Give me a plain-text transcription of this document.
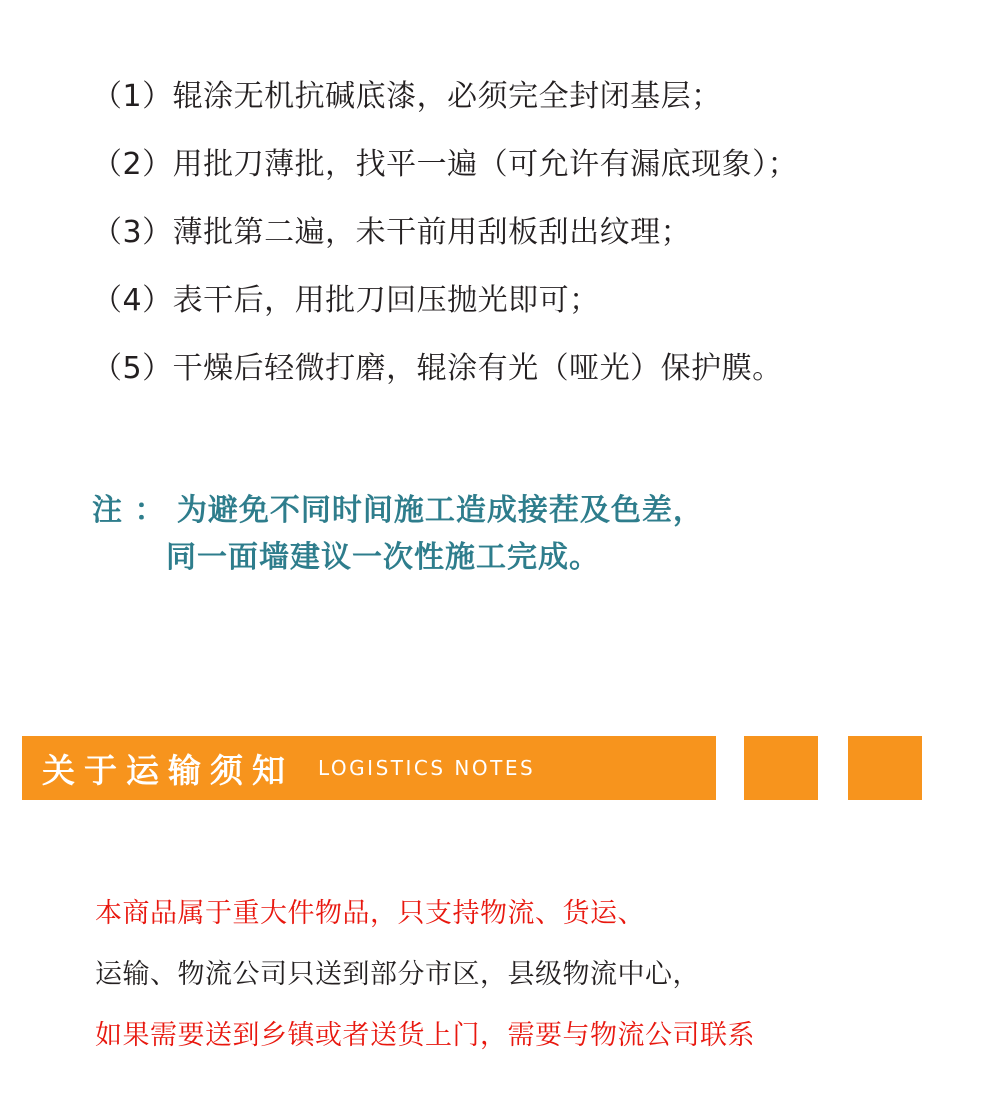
（1）辊涂无机抗碱底漆，必须完全封闭基层；
（2）用批刀薄批，找平一遍（可允许有漏底现象）；
（3）薄批第二遍，未干前用刮板刮出纹理；
（4）表干后，用批刀回压抛光即可；
（5）干燥后轻微打磨，辊涂有光（哑光）保护膜。
注 ： 为避免不同时间施工造成接茬及色差，
同一面墙建议一次性施工完成。
关于运输须知 LOGISTICS NOTES
本商品属于重大件物品，只支持物流、货运、
运输、物流公司只送到部分市区，县级物流中心，
如果需要送到乡镇或者送货上门，需要与物流公司联系
